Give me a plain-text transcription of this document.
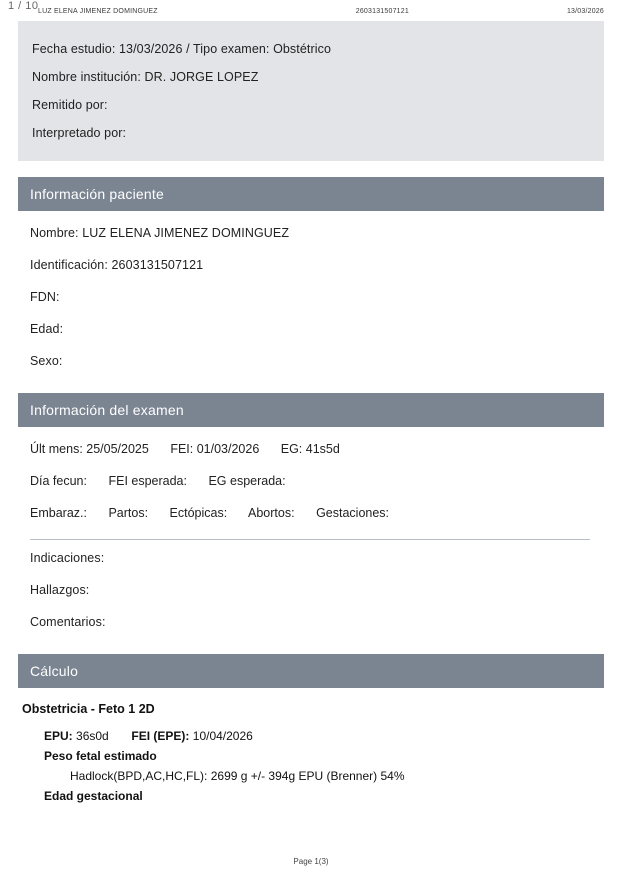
1 / 10 LUZ ELENA JIMENEZ DOMINGUEZ	2603131507121	13/03/2026
Fecha estudio: 13/03/2026 / Tipo examen: Obstétrico
Nombre institución: DR. JORGE LOPEZ
Remitido por:
Interpretado por:
Información paciente
Nombre: LUZ ELENA JIMENEZ DOMINGUEZ
Identificación: 2603131507121
FDN:
Edad:
Sexo:
Información del examen
Últ mens: 25/05/2025 FEI: 01/03/2026 EG: 41s5d
Día fecun: FEI esperada: EG esperada:
Embaraz.: Partos: Ectópicas: Abortos: Gestaciones:
Indicaciones:
Hallazgos:
Comentarios:
Cálculo
Obstetricia - Feto 1 2D
EPU: 36s0d FEI (EPE): 10/04/2026
Peso fetal estimado
Hadlock(BPD,AC,HC,FL): 2699 g +/- 394g EPU (Brenner) 54%
Edad gestacional
Page 1(3)
